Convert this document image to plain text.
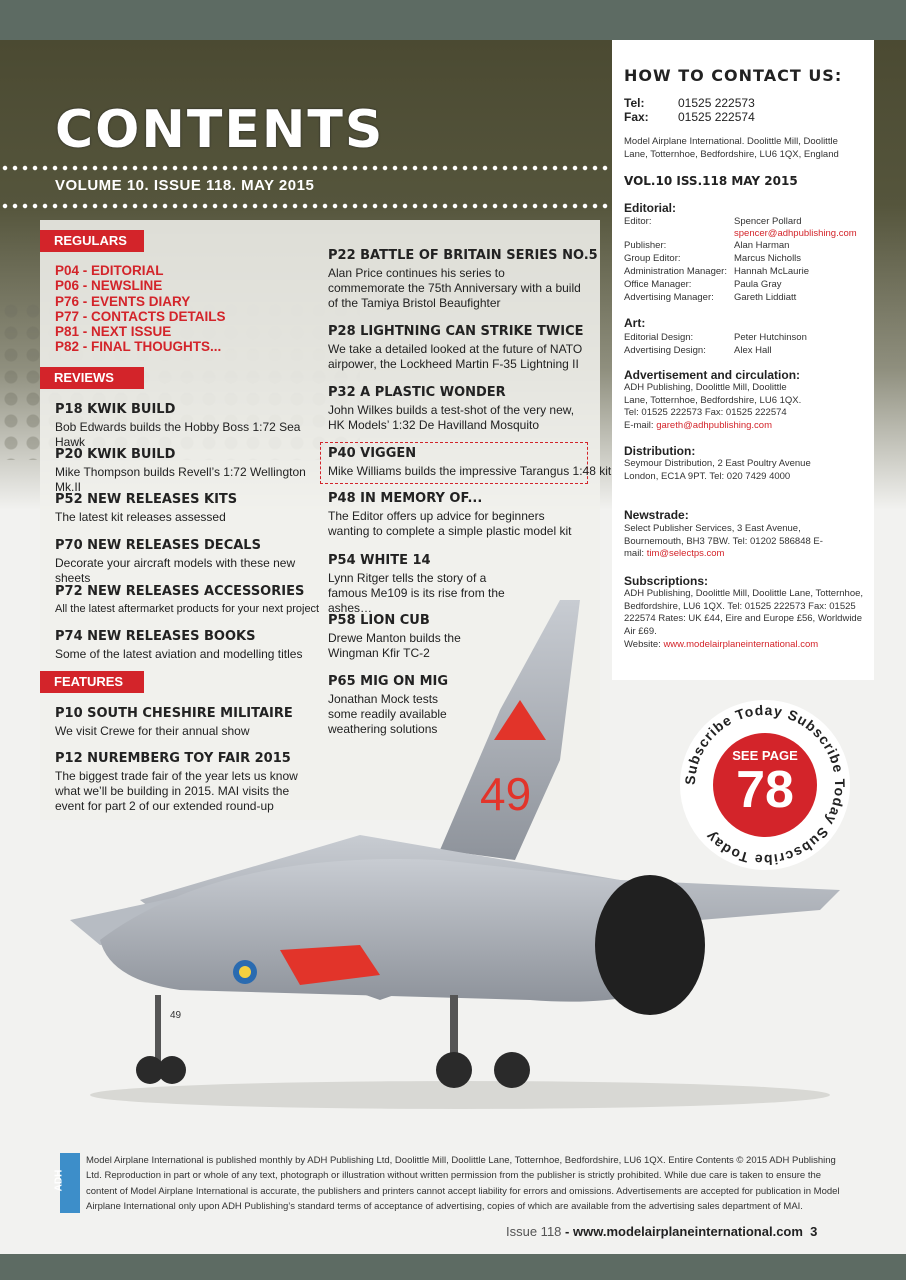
CONTENTS
VOLUME 10. ISSUE 118. MAY 2015
49
49
REGULARS
REVIEWS
FEATURES
P04 - EDITORIAL
P06 - NEWSLINE
P76 - EVENTS DIARY
P77 - CONTACTS DETAILS
P81 - NEXT ISSUE
P82 - FINAL THOUGHTS...
P18 KWIK BUILD
Bob Edwards builds the Hobby Boss 1:72 Sea Hawk
P20 KWIK BUILD
Mike Thompson builds Revell’s 1:72 Wellington Mk.II
P52 NEW RELEASES KITS
The latest kit releases assessed
P70 NEW RELEASES DECALS
Decorate your aircraft models with these new sheets
P72 NEW RELEASES ACCESSORIES
All the latest aftermarket products for your next project
P74 NEW RELEASES BOOKS
Some of the latest aviation and modelling titles
P10 SOUTH CHESHIRE MILITAIRE
We visit Crewe for their annual show
P12 NUREMBERG TOY FAIR 2015
The biggest trade fair of the year lets us know what we’ll be building in 2015. MAI visits the event for part 2 of our extended round-up
P22 BATTLE OF BRITAIN SERIES NO.5
Alan Price continues his series to commemorate the 75th Anniversary with a build of the Tamiya Bristol Beaufighter
P28 LIGHTNING CAN STRIKE TWICE
We take a detailed looked at the future of NATO airpower, the Lockheed Martin F-35 Lightning II
P32 A PLASTIC WONDER
John Wilkes builds a test-shot of the very new, HK Models’ 1:32 De Havilland Mosquito
P40 VIGGEN
Mike Williams builds the impressive Tarangus 1:48 kit
P48 IN MEMORY OF...
The Editor offers up advice for beginners wanting to complete a simple plastic model kit
P54 WHITE 14
Lynn Ritger tells the story of a famous Me109 is its rise from the ashes…
P58 LION CUB
Drewe Manton builds the Wingman Kfir TC-2
P65 MIG ON MIG
Jonathan Mock tests some readily available weathering solutions
HOW TO CONTACT US:
Tel:	01525 222573
Fax: 01525 222574
Model Airplane International. Doolittle Mill, Doolittle Lane, Totternhoe, Bedfordshire, LU6 1QX, England
VOL.10 ISS.118 MAY 2015
Editorial:
Editor:	Spencer Pollard
spencer@adhpublishing.com
Publisher:	Alan Harman
Group Editor:	Marcus Nicholls
Administration Manager: Hannah McLaurie
Office Manager:	Paula Gray
Advertising Manager: Gareth Liddiatt
Art:
Editorial Design:	Peter Hutchinson
Advertising Design:	Alex Hall
Advertisement and circulation:
ADH Publishing, Doolittle Mill, Doolittle Lane, Totternhoe, Bedfordshire, LU6 1QX. Tel: 01525 222573 Fax: 01525 222574
E-mail: gareth@adhpublishing.com
Distribution:
Seymour Distribution, 2 East Poultry Avenue London, EC1A 9PT. Tel: 020 7429 4000
Newstrade:
Select Publisher Services, 3 East Avenue, Bournemouth, BH3 7BW. Tel: 01202 586848 E-mail: tim@selectps.com
Subscriptions:
ADH Publishing, Doolittle Mill, Doolittle Lane, Totternhoe, Bedfordshire, LU6 1QX. Tel: 01525 222573 Fax: 01525 222574 Rates: UK £44, Eire and Europe £56, Worldwide Air £69.
Website: www.modelairplaneinternational.com
Subscribe Today Subscribe Today Subscribe Today
SEE PAGE
78
ADH
Model Airplane International is published monthly by ADH Publishing Ltd, Doolittle Mill, Doolittle Lane, Totternhoe, Bedfordshire, LU6 1QX. Entire Contents © 2015 ADH Publishing Ltd. Reproduction in part or whole of any text, photograph or illustration without written permission from the publisher is strictly prohibited. While due care is taken to ensure the content of Model Airplane International is accurate, the publishers and printers cannot accept liability for errors and omissions. Advertisements are accepted for publication in Model Airplane International only upon ADH Publishing’s standard terms of acceptance of advertising, copies of which are available from the advertising sales department of MAI.
Issue 118 - www.modelairplaneinternational.com 3
